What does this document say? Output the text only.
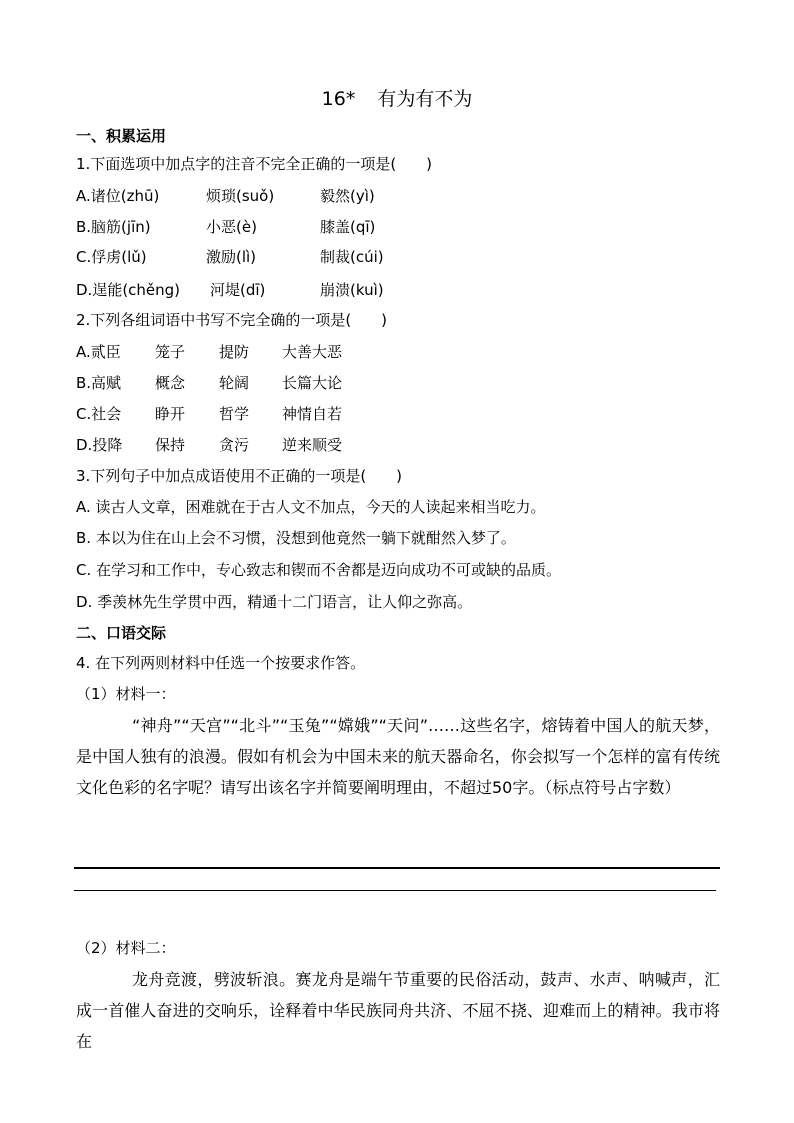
16* 有为有不为
一、积累运用
1.下面选项中加点字的注音不完全正确的一项是(　　)
A.诸位(zhū)	烦琐(suǒ)	毅然(yì)
B.脑筋(jīn)	小恶(è)	膝盖(qī)
C.俘虏(lǔ)	激励(lì)	制裁(cúi)
D.逞能(chěng) 河堤(dī)	崩溃(kuì)
2.下列各组词语中书写不完全确的一项是(　　)
A.贰臣 笼子 提防 大善大恶
B.高赋 概念 轮阔 长篇大论
C.社会 睁开 哲学 神情自若
D.投降 保持 贪污 逆来顺受
3.下列句子中加点成语使用不正确的一项是(　　)
A. 读古人文章，困难就在于古人文不加点，今天的人读起来相当吃力。
B. 本以为住在山上会不习惯，没想到他竟然一躺下就酣然入梦了。
C. 在学习和工作中，专心致志和锲而不舍都是迈向成功不可或缺的品质。
D. 季羡林先生学贯中西，精通十二门语言，让人仰之弥高。
二、口语交际
4. 在下列两则材料中任选一个按要求作答。
（1）材料一：
“神舟”“天宫”“北斗”“玉兔”“嫦娥”“天问”……这些名字，熔铸着中国人的航天梦，是中国人独有的浪漫。假如有机会为中国未来的航天器命名，你会拟写一个怎样的富有传统文化色彩的名字呢？请写出该名字并简要阐明理由，不超过50字。（标点符号占字数）
（2）材料二：
龙舟竞渡，劈波斩浪。赛龙舟是端午节重要的民俗活动，鼓声、水声、呐喊声，汇成一首催人奋进的交响乐，诠释着中华民族同舟共济、不屈不挠、迎难而上的精神。我市将在
